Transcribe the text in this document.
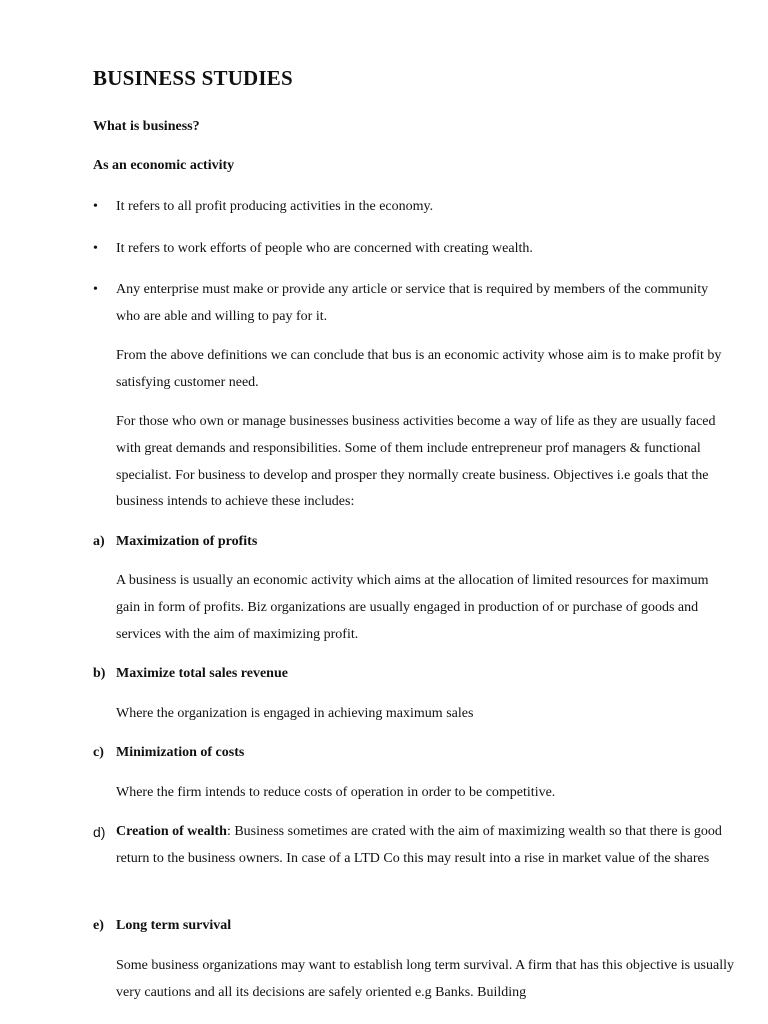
BUSINESS STUDIES
What is business?
As an economic activity
•	It refers to all profit producing activities in the economy.
•	It refers to work efforts of people who are concerned with creating wealth.
•	Any enterprise must make or provide any article or service that is required by members of the community who are able and willing to pay for it.

From the above definitions we can conclude that bus is an economic activity whose aim is to make profit by satisfying customer need.

For those who own or manage businesses business activities become a way of life as they are usually faced with great demands and responsibilities. Some of them include entrepreneur prof managers & functional specialist. For business to develop and prosper they normally create business. Objectives i.e goals that the business intends to achieve these includes:

a) Maximization of profits

A business is usually an economic activity which aims at the allocation of limited resources for maximum gain in form of profits. Biz organizations are usually engaged in production of or purchase of goods and services with the aim of maximizing profit.

b) Maximize total sales revenue

Where the organization is engaged in achieving maximum sales

c) Minimization of costs

Where the firm intends to reduce costs of operation in order to be competitive.

d) Creation of wealth: Business sometimes are crated with the aim of maximizing wealth so that there is good return to the business owners. In case of a LTD Co this may result into a rise in market value of the shares
e) Long term survival

Some business organizations may want to establish long term survival. A firm that has this objective is usually very cautions and all its decisions are safely oriented e.g Banks. Building
